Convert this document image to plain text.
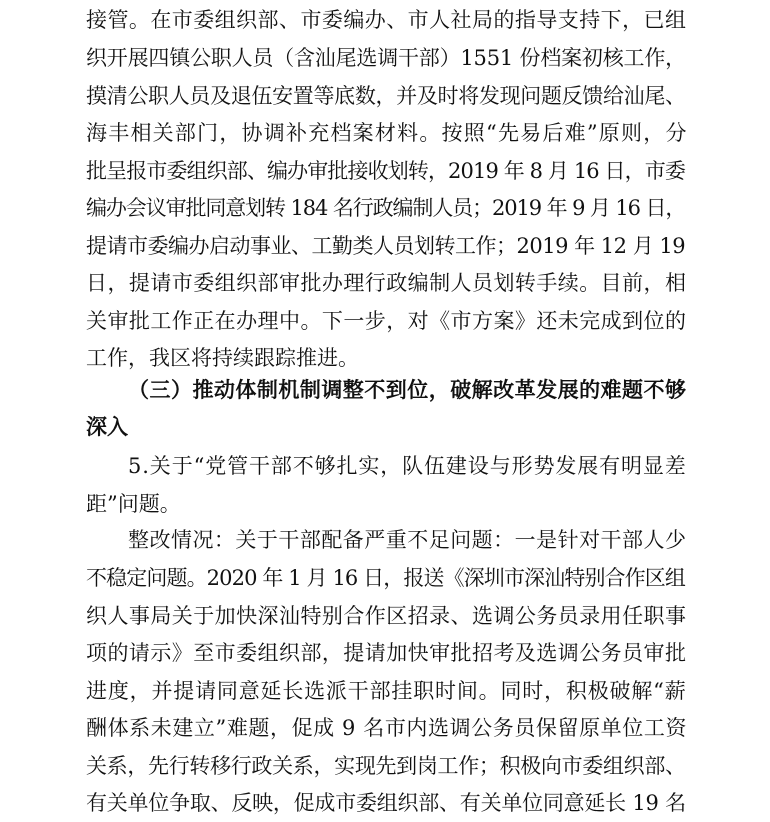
接管。在市委组织部、市委编办、市人社局的指导支持下，已组
织开展四镇公职人员（含汕尾选调干部）1551 份档案初核工作，
摸清公职人员及退伍安置等底数，并及时将发现问题反馈给汕尾、
海丰相关部门，协调补充档案材料。按照“先易后难”原则，分
批呈报市委组织部、编办审批接收划转，2019 年 8 月 16 日，市委
编办会议审批同意划转 184 名行政编制人员；2019 年 9 月 16 日，
提请市委编办启动事业、工勤类人员划转工作；2019 年 12 月 19
日，提请市委组织部审批办理行政编制人员划转手续。目前，相
关审批工作正在办理中。下一步，对《市方案》还未完成到位的
工作，我区将持续跟踪推进。
（三）推动体制机制调整不到位，破解改革发展的难题不够
深入
5.关于“党管干部不够扎实，队伍建设与形势发展有明显差
距”问题。
整改情况：关于干部配备严重不足问题：一是针对干部人少
不稳定问题。2020 年 1 月 16 日，报送《深圳市深汕特别合作区组
织人事局关于加快深汕特别合作区招录、选调公务员录用任职事
项的请示》至市委组织部，提请加快审批招考及选调公务员审批
进度，并提请同意延长选派干部挂职时间。同时，积极破解“薪
酬体系未建立”难题，促成 9 名市内选调公务员保留原单位工资
关系，先行转移行政关系，实现先到岗工作；积极向市委组织部、
有关单位争取、反映，促成市委组织部、有关单位同意延长 19 名
